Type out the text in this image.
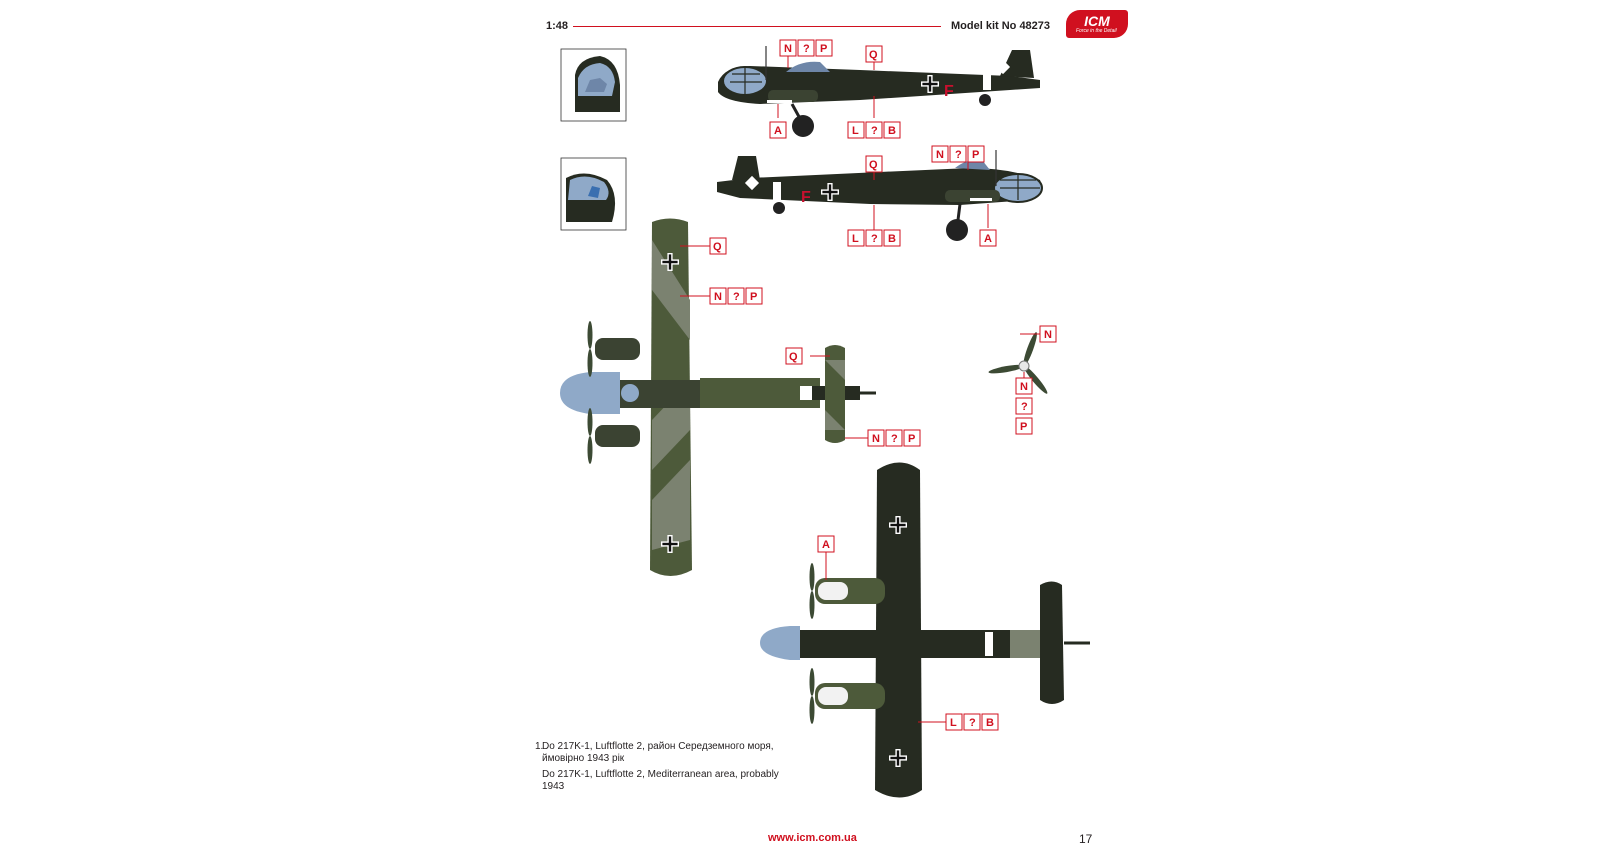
1:48	Model kit No 48273	ICM
Force in the Detail
F
F
N ? P	Q
A	L ? B
Q
N ? P
L ? B	A
Q
N ? P
Q
N ? P
N
N
?
P
A
L ? B
1.

Do 217K-1, Luftflotte 2, район Середземного моря, ймовірно 1943 рік

Do 217K-1, Luftflotte 2, Mediterranean area, probably 1943

www.icm.com.ua	17
